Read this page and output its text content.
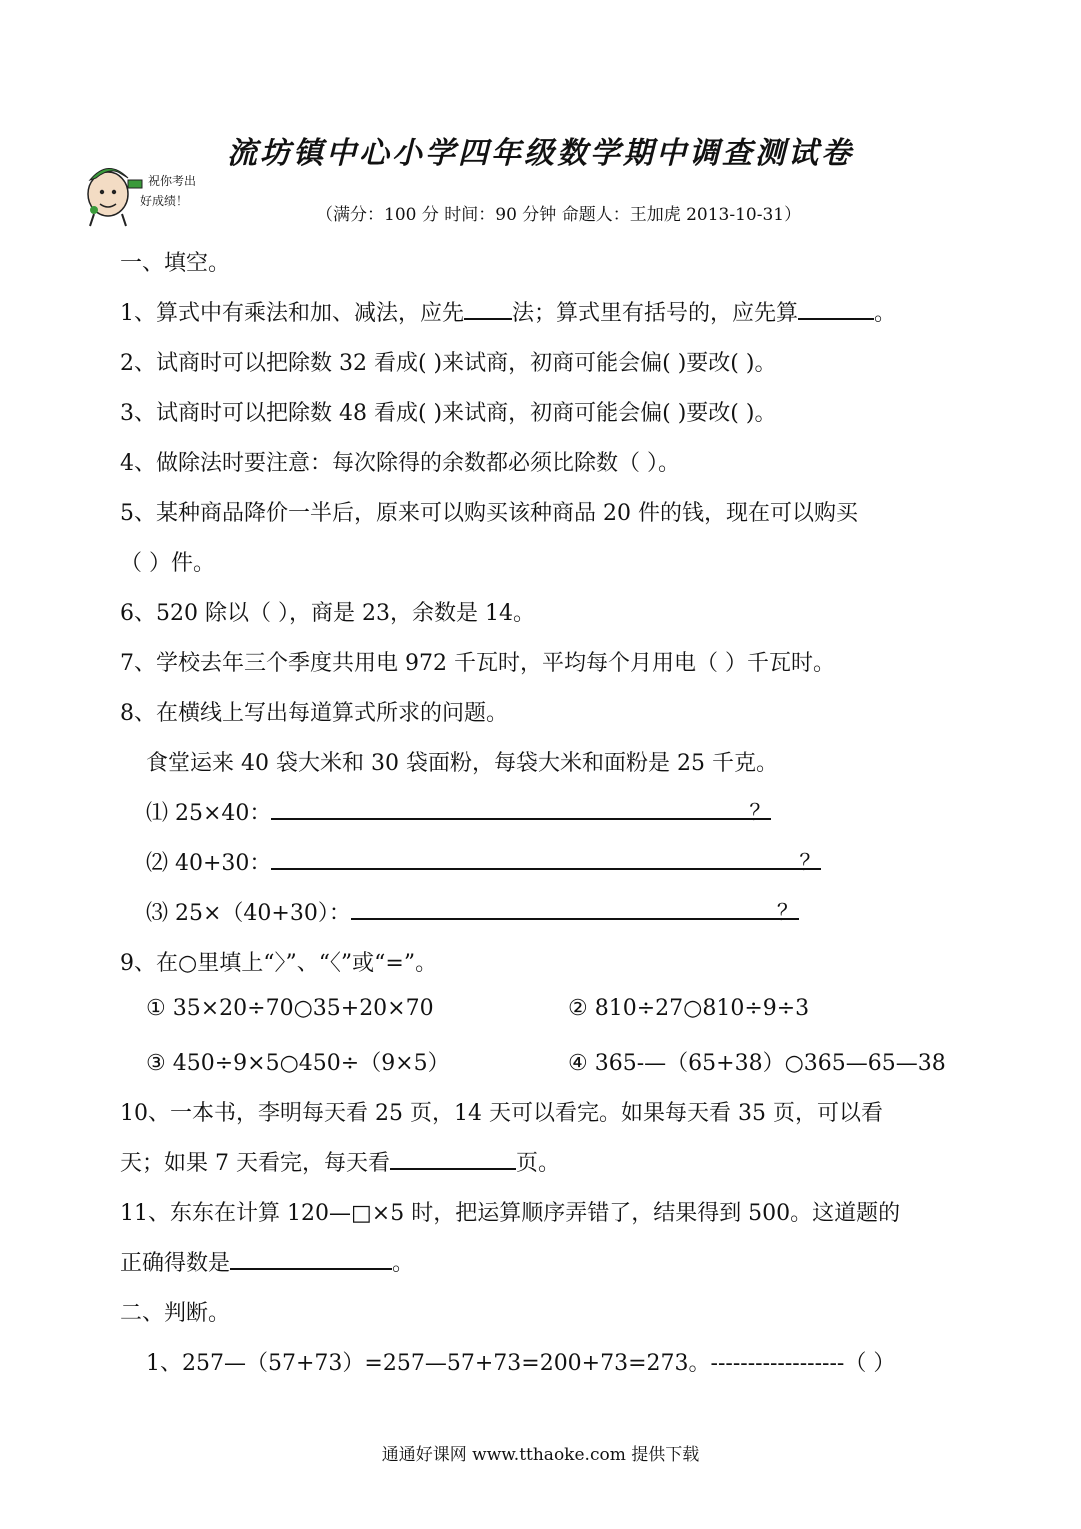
流坊镇中心小学四年级数学期中调查测试卷
祝你考出
好成绩！
（满分：100 分 时间：90 分钟 命题人：王加虎 2013-10-31）
一、填空。
1、算式中有乘法和加、减法，应先 法；算式里有括号的，应先算	。
2、试商时可以把除数 32 看成( )来试商，初商可能会偏( )要改( )。
3、试商时可以把除数 48 看成( )来试商，初商可能会偏( )要改( )。
4、做除法时要注意：每次除得的余数都必须比除数（ ）。
5、某种商品降价一半后，原来可以购买该种商品 20 件的钱，现在可以购买
（ ）件。
6、520 除以（ ），商是 23，余数是 14。
7、学校去年三个季度共用电 972 千瓦时，平均每个月用电（ ）千瓦时。
8、在横线上写出每道算式所求的问题。
食堂运来 40 袋大米和 30 袋面粉，每袋大米和面粉是 25 千克。
⑴ 25×40：	？
⑵ 40+30：	？
⑶ 25×（40+30）：	？
9、在○里填上“〉”、“〈”或“=”。
① 35×20÷70○35+20×70	② 810÷27○810÷9÷3
③ 450÷9×5○450÷（9×5）	④ 365-—（65+38）○365—65—38
10、一本书，李明每天看 25 页，14 天可以看完。如果每天看 35 页，可以看
天；如果 7 天看完，每天看	页。
11、东东在计算 120—□×5 时，把运算顺序弄错了，结果得到 500。这道题的
正确得数是	。
二、判断。
1、257—（57+73）=257—57+73=200+73=273。------------------（ ）
通通好课网 www.tthaoke.com 提供下载
